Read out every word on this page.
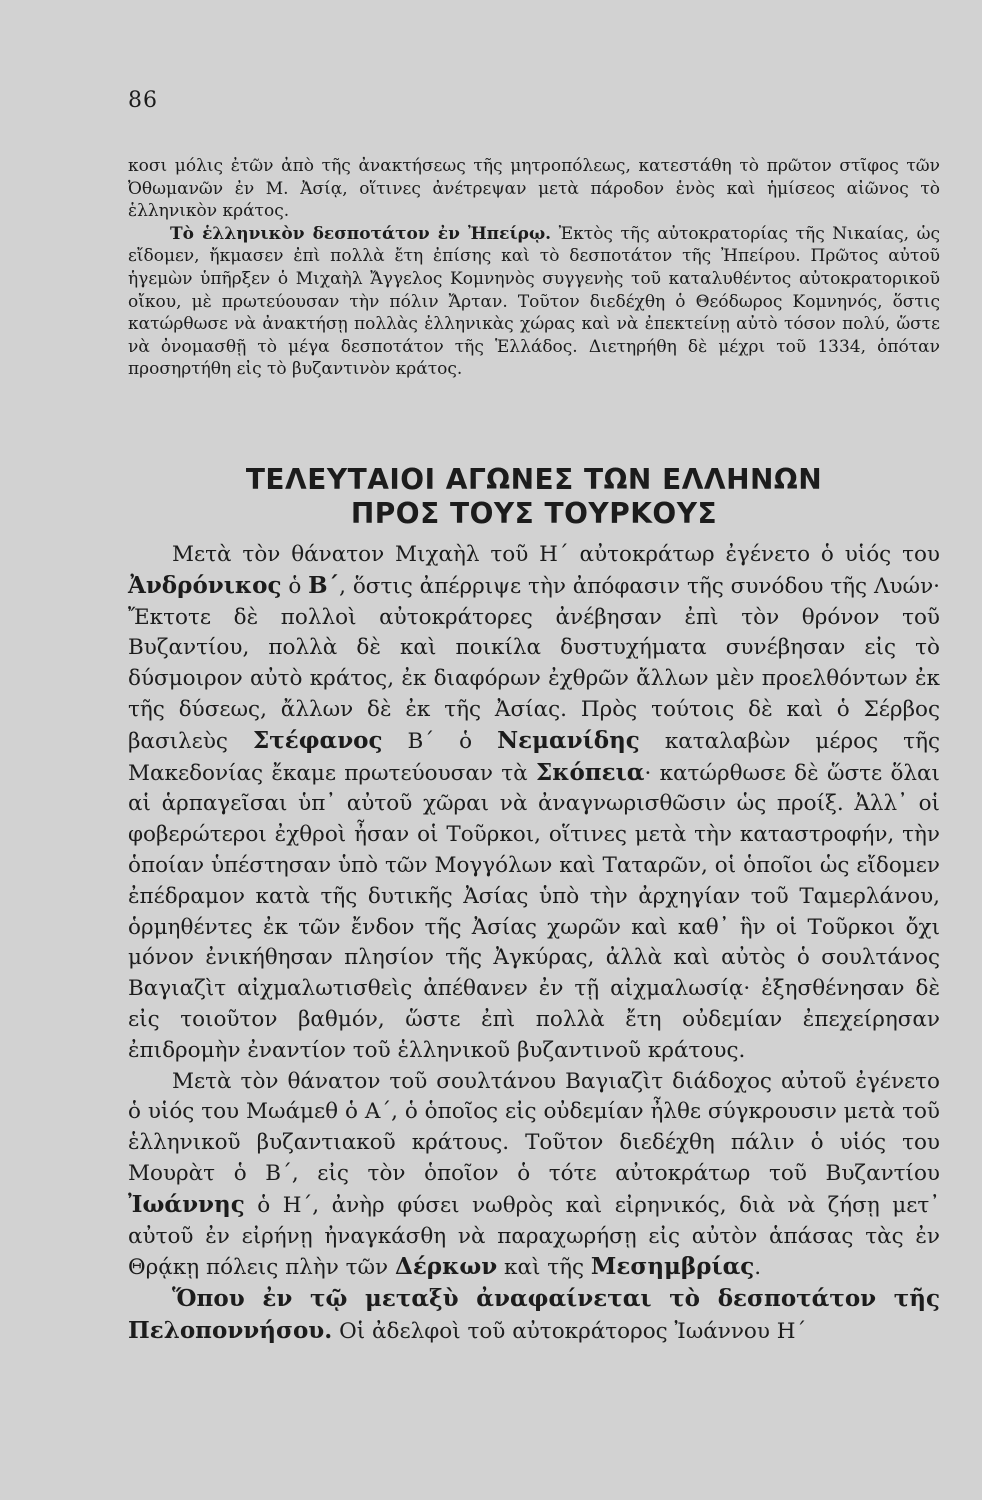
86

κοσι μόλις ἐτῶν ἀπὸ τῆς ἀνακτήσεως τῆς μητροπόλεως, κατεστάθη τὸ πρῶτον στῖφος τῶν Ὀθωμανῶν ἐν Μ. Ἀσίᾳ, οἵτινες ἀνέτρεψαν μετὰ πάροδον ἑνὸς καὶ ἡμίσεος αἰῶνος τὸ ἑλληνικὸν κράτος.

Τὸ ἑλληνικὸν δεσποτάτον ἐν Ἠπείρῳ. Ἐκτὸς τῆς αὐτοκρατορίας τῆς Νικαίας, ὡς εἴδομεν, ἤκμασεν ἐπὶ πολλὰ ἔτη ἐπίσης καὶ τὸ δεσποτάτον τῆς Ἠπείρου. Πρῶτος αὐτοῦ ἡγεμὼν ὑπῆρξεν ὁ Μιχαὴλ Ἄγγελος Κομνηνὸς συγγενὴς τοῦ καταλυθέντος αὐτοκρατορικοῦ οἴκου, μὲ πρωτεύουσαν τὴν πόλιν Ἄρταν. Τοῦτον διεδέχθη ὁ Θεόδωρος Κομνηνός, ὅστις κατώρθωσε νὰ ἀνακτήσῃ πολλὰς ἑλληνικὰς χώρας καὶ νὰ ἐπεκτείνῃ αὐτὸ τόσον πολύ, ὥστε νὰ ὀνομασθῇ τὸ μέγα δεσποτάτον τῆς Ἑλλάδος. Διετηρήθη δὲ μέχρι τοῦ 1334, ὁπόταν προσηρτήθη εἰς τὸ βυζαντινὸν κράτος.

ΤΕΛΕΥΤΑΙΟΙ ΑΓΩΝΕΣ ΤΩΝ ΕΛΛΗΝΩΝ
ΠΡΟΣ ΤΟΥΣ ΤΟΥΡΚΟΥΣ

Μετὰ τὸν θάνατον Μιχαὴλ τοῦ Η΄ αὐτοκράτωρ ἐγένετο ὁ υἱός του Ἀνδρόνικος ὁ Β΄, ὅστις ἀπέρριψε τὴν ἀπόφασιν τῆς συνόδου τῆς Λυών· Ἔκτοτε δὲ πολλοὶ αὐτοκράτορες ἀνέβησαν ἐπὶ τὸν θρόνον τοῦ Βυζαντίου, πολλὰ δὲ καὶ ποικίλα δυστυχήματα συνέβησαν εἰς τὸ δύσμοιρον αὐτὸ κράτος, ἐκ διαφόρων ἐχθρῶν ἄλλων μὲν προελθόντων ἐκ τῆς δύσεως, ἄλλων δὲ ἐκ τῆς Ἀσίας. Πρὸς τούτοις δὲ καὶ ὁ Σέρβος βασιλεὺς Στέφανος Β΄ ὁ Νεμανίδης καταλαβὼν μέρος τῆς Μακεδονίας ἔκαμε πρωτεύουσαν τὰ Σκόπεια· κατώρθωσε δὲ ὥστε ὅλαι αἱ ἁρπαγεῖσαι ὑπ᾿ αὐτοῦ χῶραι νὰ ἀναγνωρισθῶσιν ὡς προίξ. Ἀλλ᾿ οἱ φοβερώτεροι ἐχθροὶ ἦσαν οἱ Τοῦρκοι, οἵτινες μετὰ τὴν καταστροφήν, τὴν ὁποίαν ὑπέστησαν ὑπὸ τῶν Μογγόλων καὶ Ταταρῶν, οἱ ὁποῖοι ὡς εἴδομεν ἐπέδραμον κατὰ τῆς δυτικῆς Ἀσίας ὑπὸ τὴν ἀρχηγίαν τοῦ Ταμερλάνου, ὁρμηθέντες ἐκ τῶν ἔνδον τῆς Ἀσίας χωρῶν καὶ καθ᾿ ἣν οἱ Τοῦρκοι ὄχι μόνον ἐνικήθησαν πλησίον τῆς Ἀγκύρας, ἀλλὰ καὶ αὐτὸς ὁ σουλτάνος Βαγιαζὶτ αἰχμαλωτισθεὶς ἀπέθανεν ἐν τῇ αἰχμαλωσίᾳ· ἐξησθένησαν δὲ εἰς τοιοῦτον βαθμόν, ὥστε ἐπὶ πολλὰ ἔτη οὐδεμίαν ἐπεχείρησαν ἐπιδρομὴν ἐναντίον τοῦ ἑλληνικοῦ βυζαντινοῦ κράτους.

Μετὰ τὸν θάνατον τοῦ σουλτάνου Βαγιαζὶτ διάδοχος αὐτοῦ ἐγένετο ὁ υἱός του Μωάμεθ ὁ Α΄, ὁ ὁποῖος εἰς οὐδεμίαν ἦλθε σύγκρουσιν μετὰ τοῦ ἑλληνικοῦ βυζαντιακοῦ κράτους. Τοῦτον διεδέχθη πάλιν ὁ υἱός του Μουρὰτ ὁ Β΄, εἰς τὸν ὁποῖον ὁ τότε αὐτοκράτωρ τοῦ Βυζαντίου Ἰωάννης ὁ Η΄, ἀνὴρ φύσει νωθρὸς καὶ εἰρηνικός, διὰ νὰ ζήσῃ μετ᾿ αὐτοῦ ἐν εἰρήνῃ ἠναγκάσθη νὰ παραχωρήσῃ εἰς αὐτὸν ἁπάσας τὰς ἐν Θρᾴκῃ πόλεις πλὴν τῶν Δέρκων καὶ τῆς Μεσημβρίας.

Ὅπου ἐν τῷ μεταξὺ ἀναφαίνεται τὸ δεσποτάτον τῆς Πελοποννήσου. Οἱ ἀδελφοὶ τοῦ αὐτοκράτορος Ἰωάννου Η΄
